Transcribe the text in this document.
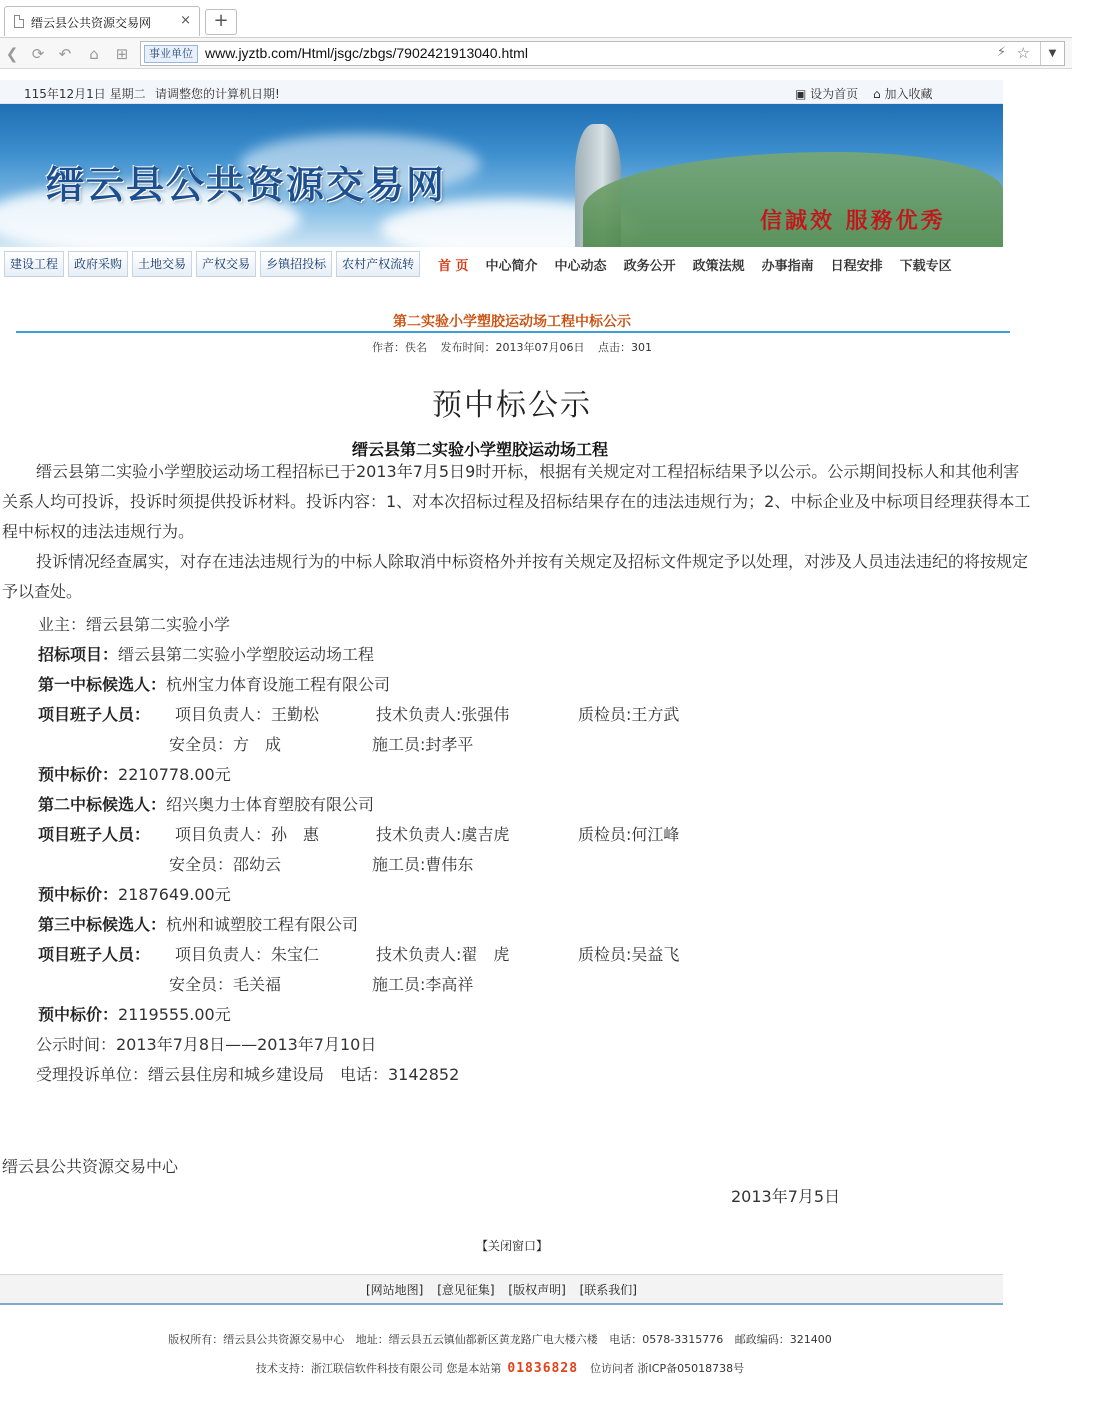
缙云县公共资源交易网 ×	+
❮ ⟳ ↶	⌂	⊞	事业单位 www.jyztb.com/Html/jsgc/zbgs/7902421913040.html	⚡ ☆	▼
115年12月1日 星期二 请调整您的计算机日期!	▣ 设为首页 ⌂ 加入收藏
缙云县公共资源交易网
信誠效 服務优秀
建设工程	政府采购	土地交易	产权交易	乡镇招投标	农村产权流转	首 页 中心简介 中心动态 政务公开 政策法规 办事指南 日程安排 下载专区
第二实验小学塑胶运动场工程中标公示
作者：佚名 发布时间：2013年07月06日 点击：301
预中标公示
缙云县第二实验小学塑胶运动场工程
缙云县第二实验小学塑胶运动场工程招标已于2013年7月5日9时开标，根据有关规定对工程招标结果予以公示。公示期间投标人和其他利害关系人均可投诉，投诉时须提供投诉材料。投诉内容：1、对本次招标过程及招标结果存在的违法违规行为；2、中标企业及中标项目经理获得本工程中标权的违法违规行为。
投诉情况经查属实，对存在违法违规行为的中标人除取消中标资格外并按有关规定及招标文件规定予以处理，对涉及人员违法违纪的将按规定予以查处。
业主：缙云县第二实验小学
招标项目：缙云县第二实验小学塑胶运动场工程
第一中标候选人：杭州宝力体育设施工程有限公司
项目班子人员： 项目负责人：王勤松	技术负责人:张强伟	质检员:王方武
安全员：方　成	施工员:封孝平
预中标价：2210778.00元
第二中标候选人：绍兴奥力士体育塑胶有限公司
项目班子人员： 项目负责人：孙　惠	技术负责人:虞吉虎	质检员:何江峰
安全员：邵幼云	施工员:曹伟东
预中标价：2187649.00元
第三中标候选人：杭州和诚塑胶工程有限公司
项目班子人员： 项目负责人：朱宝仁	技术负责人:翟　虎	质检员:吴益飞
安全员：毛关福	施工员:李高祥
预中标价：2119555.00元
公示时间：2013年7月8日——2013年7月10日
受理投诉单位：缙云县住房和城乡建设局　电话：3142852
缙云县公共资源交易中心
2013年7月5日
【关闭窗口】
[网站地图] [意见征集] [版权声明] [联系我们]
版权所有：缙云县公共资源交易中心 地址：缙云县五云镇仙都新区黄龙路广电大楼六楼 电话：0578-3315776 邮政编码：321400
技术支持：浙江联信软件科技有限公司 您是本站第 01836828 位访问者 浙ICP备05018738号
